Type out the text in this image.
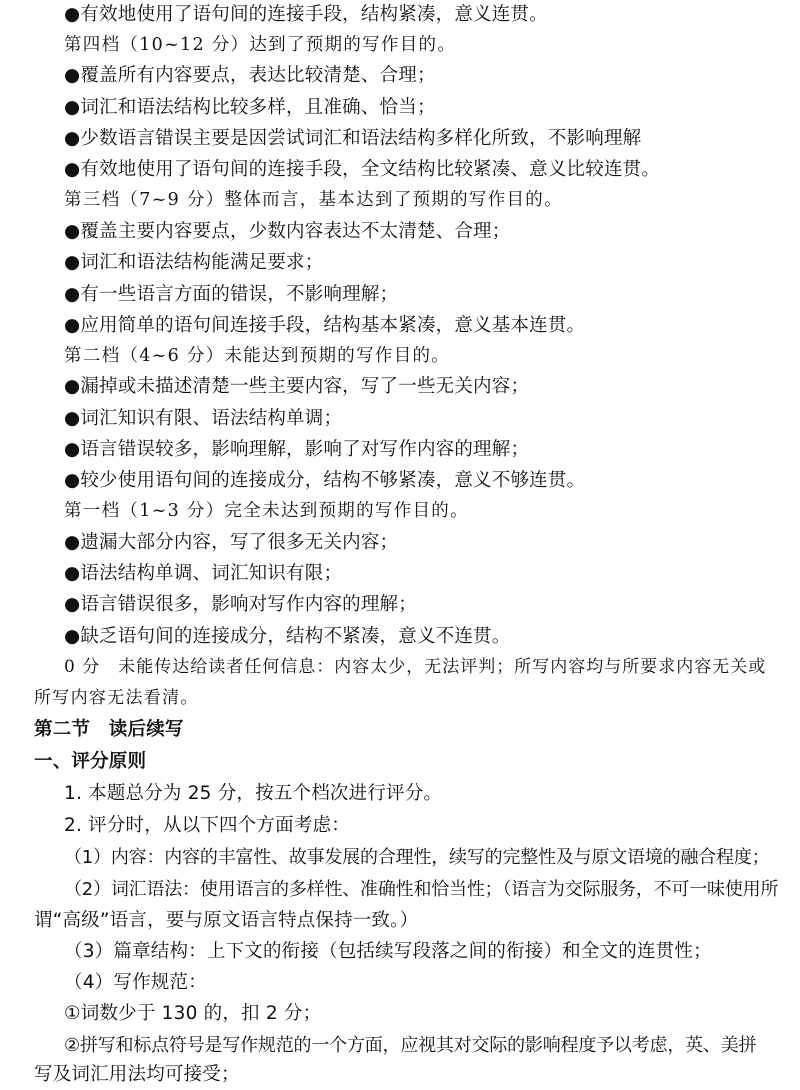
●有效地使用了语句间的连接手段，结构紧凑，意义连贯。
第四档（10~12 分）达到了预期的写作目的。
●覆盖所有内容要点，表达比较清楚、合理；
●词汇和语法结构比较多样，且准确、恰当；
●少数语言错误主要是因尝试词汇和语法结构多样化所致，不影响理解
●有效地使用了语句间的连接手段，全文结构比较紧凑、意义比较连贯。
第三档（7~9 分）整体而言，基本达到了预期的写作目的。
●覆盖主要内容要点，少数内容表达不太清楚、合理；
●词汇和语法结构能满足要求；
●有一些语言方面的错误，不影响理解；
●应用简单的语句间连接手段，结构基本紧凑，意义基本连贯。
第二档（4~6 分）未能达到预期的写作目的。
●漏掉或未描述清楚一些主要内容，写了一些无关内容；
●词汇知识有限、语法结构单调；
●语言错误较多，影响理解，影响了对写作内容的理解；
●较少使用语句间的连接成分，结构不够紧凑，意义不够连贯。
第一档（1~3 分）完全未达到预期的写作目的。
●遗漏大部分内容，写了很多无关内容；
●语法结构单调、词汇知识有限；
●语言错误很多，影响对写作内容的理解；
●缺乏语句间的连接成分，结构不紧凑，意义不连贯。
0 分　未能传达给读者任何信息：内容太少，无法评判；所写内容均与所要求内容无关或
所写内容无法看清。
第二节　读后续写
一、评分原则
1. 本题总分为 25 分，按五个档次进行评分。
2. 评分时，从以下四个方面考虑：
（1）内容：内容的丰富性、故事发展的合理性，续写的完整性及与原文语境的融合程度；
（2）词汇语法：使用语言的多样性、准确性和恰当性；（语言为交际服务，不可一味使用所
谓“高级”语言，要与原文语言特点保持一致。）
（3）篇章结构：上下文的衔接（包括续写段落之间的衔接）和全文的连贯性；
（4）写作规范：
①词数少于 130 的，扣 2 分；
②拼写和标点符号是写作规范的一个方面，应视其对交际的影响程度予以考虑，英、美拼
写及词汇用法均可接受；
